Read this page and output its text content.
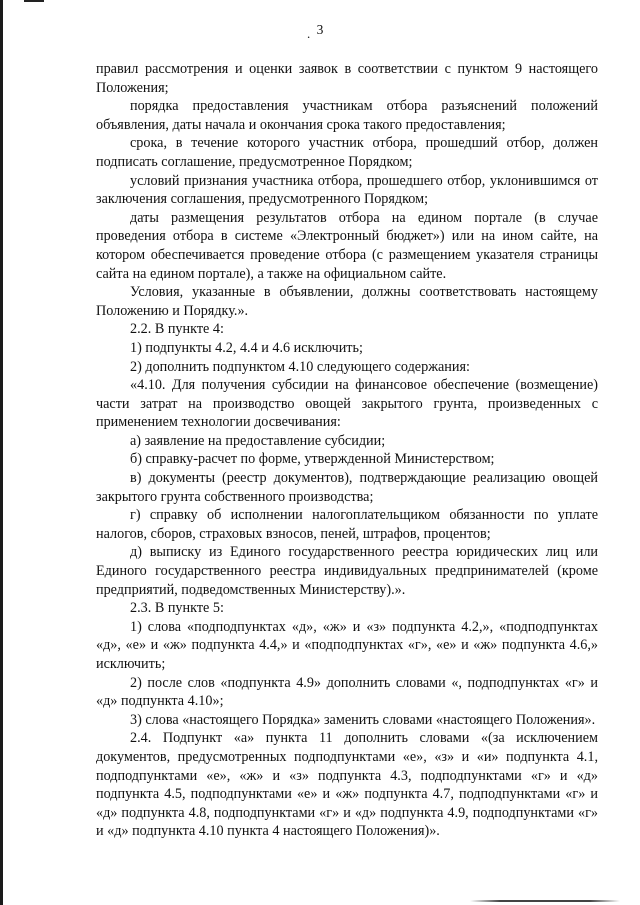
. 3

правил рассмотрения и оценки заявок в соответствии с пунктом 9 настоящего Положения;

порядка предоставления участникам отбора разъяснений положений объявления, даты начала и окончания срока такого предоставления;

срока, в течение которого участник отбора, прошедший отбор, должен подписать соглашение, предусмотренное Порядком;

условий признания участника отбора, прошедшего отбор, уклонившимся от заключения соглашения, предусмотренного Порядком;

даты размещения результатов отбора на едином портале (в случае проведения отбора в системе «Электронный бюджет») или на ином сайте, на котором обеспечивается проведение отбора (с размещением указателя страницы сайта на едином портале), а также на официальном сайте.

Условия, указанные в объявлении, должны соответствовать настоящему Положению и Порядку.».

2.2. В пункте 4:

1) подпункты 4.2, 4.4 и 4.6 исключить;

2) дополнить подпунктом 4.10 следующего содержания:

«4.10. Для получения субсидии на финансовое обеспечение (возмещение) части затрат на производство овощей закрытого грунта, произведенных с применением технологии досвечивания:

а) заявление на предоставление субсидии;

б) справку-расчет по форме, утвержденной Министерством;

в) документы (реестр документов), подтверждающие реализацию овощей закрытого грунта собственного производства;

г) справку об исполнении налогоплательщиком обязанности по уплате налогов, сборов, страховых взносов, пеней, штрафов, процентов;

д) выписку из Единого государственного реестра юридических лиц или Единого государственного реестра индивидуальных предпринимателей (кроме предприятий, подведомственных Министерству).».

2.3. В пункте 5:

1) слова «подподпунктах «д», «ж» и «з» подпункта 4.2,», «подподпунктах «д», «е» и «ж» подпункта 4.4,» и «подподпунктах «г», «е» и «ж» подпункта 4.6,» исключить;

2) после слов «подпункта 4.9» дополнить словами «, подподпунктах «г» и «д» подпункта 4.10»;

3) слова «настоящего Порядка» заменить словами «настоящего Положения».

2.4. Подпункт «а» пункта 11 дополнить словами «(за исключением документов, предусмотренных подподпунктами «е», «з» и «и» подпункта 4.1, подподпунктами «е», «ж» и «з» подпункта 4.3, подподпунктами «г» и «д» подпункта 4.5, подподпунктами «е» и «ж» подпункта 4.7, подподпунктами «г» и «д» подпункта 4.8, подподпунктами «г» и «д» подпункта 4.9, подподпунктами «г» и «д» подпункта 4.10 пункта 4 настоящего Положения)».
